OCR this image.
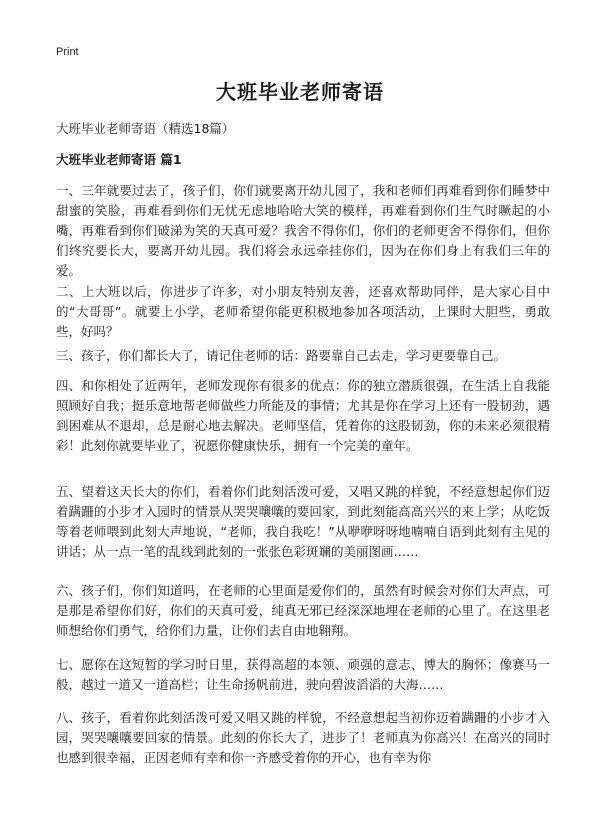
Print
大班毕业老师寄语
大班毕业老师寄语（精选18篇）
大班毕业老师寄语 篇1

一、三年就要过去了，孩子们，你们就要离开幼儿园了，我和老师们再难看到你们睡梦中甜蜜的笑脸，再难看到你们无忧无虑地哈哈大笑的模样，再难看到你们生气时噘起的小嘴，再难看到你们破涕为笑的天真可爱？我舍不得你们，你们的老师更舍不得你们，但你们终究要长大，要离开幼儿园。我们将会永远牵挂你们，因为在你们身上有我们三年的爱。

二、上大班以后，你进步了许多，对小朋友特别友善，还喜欢帮助同伴，是大家心目中的“大哥哥”。就要上小学，老师希望你能更积极地参加各项活动，上课时大胆些，勇敢些，好吗？

三、孩子，你们都长大了，请记住老师的话：路要靠自己去走，学习更要靠自己。

四、和你相处了近两年，老师发现你有很多的优点：你的独立潜质很强，在生活上自我能照顾好自我；挺乐意地帮老师做些力所能及的事情；尤其是你在学习上还有一股韧劲，遇到困难从不退却，总是耐心地去解决。老师坚信，凭着你的这股韧劲，你的未来必须很精彩！此刻你就要毕业了，祝愿你健康快乐，拥有一个完美的童年。

五、望着这天长大的你们，看着你们此刻活泼可爱，又唱又跳的样貌，不经意想起你们迈着蹒跚的小步才入园时的情景从哭哭嚷嚷的要回家，到此刻能高高兴兴的来上学；从吃饭等着老师喂到此刻大声地说，“老师，我自我吃！”从咿咿呀呀地喃喃自语到此刻有主见的讲话；从一点一笔的乱线到此刻的一张张色彩斑斓的美丽图画……

六、孩子们，你们知道吗，在老师的心里面是爱你们的，虽然有时候会对你们大声点，可是那是希望你们好，你们的天真可爱，纯真无邪已经深深地埋在老师的心里了。在这里老师想给你们勇气，给你们力量，让你们去自由地翱翔。

七、愿你在这短暂的学习时日里，获得高超的本领、顽强的意志、博大的胸怀；像赛马一般，越过一道又一道高栏；让生命扬帆前进，驶向碧波滔滔的大海……

八、孩子，看着你此刻活泼可爱又唱又跳的样貌，不经意想起当初你迈着蹒跚的小步才入园，哭哭嚷嚷要回家的情景。此刻的你长大了，进步了！老师真为你高兴！在高兴的同时也感到很幸福，正因老师有幸和你一齐感受着你的开心，也有幸为你
